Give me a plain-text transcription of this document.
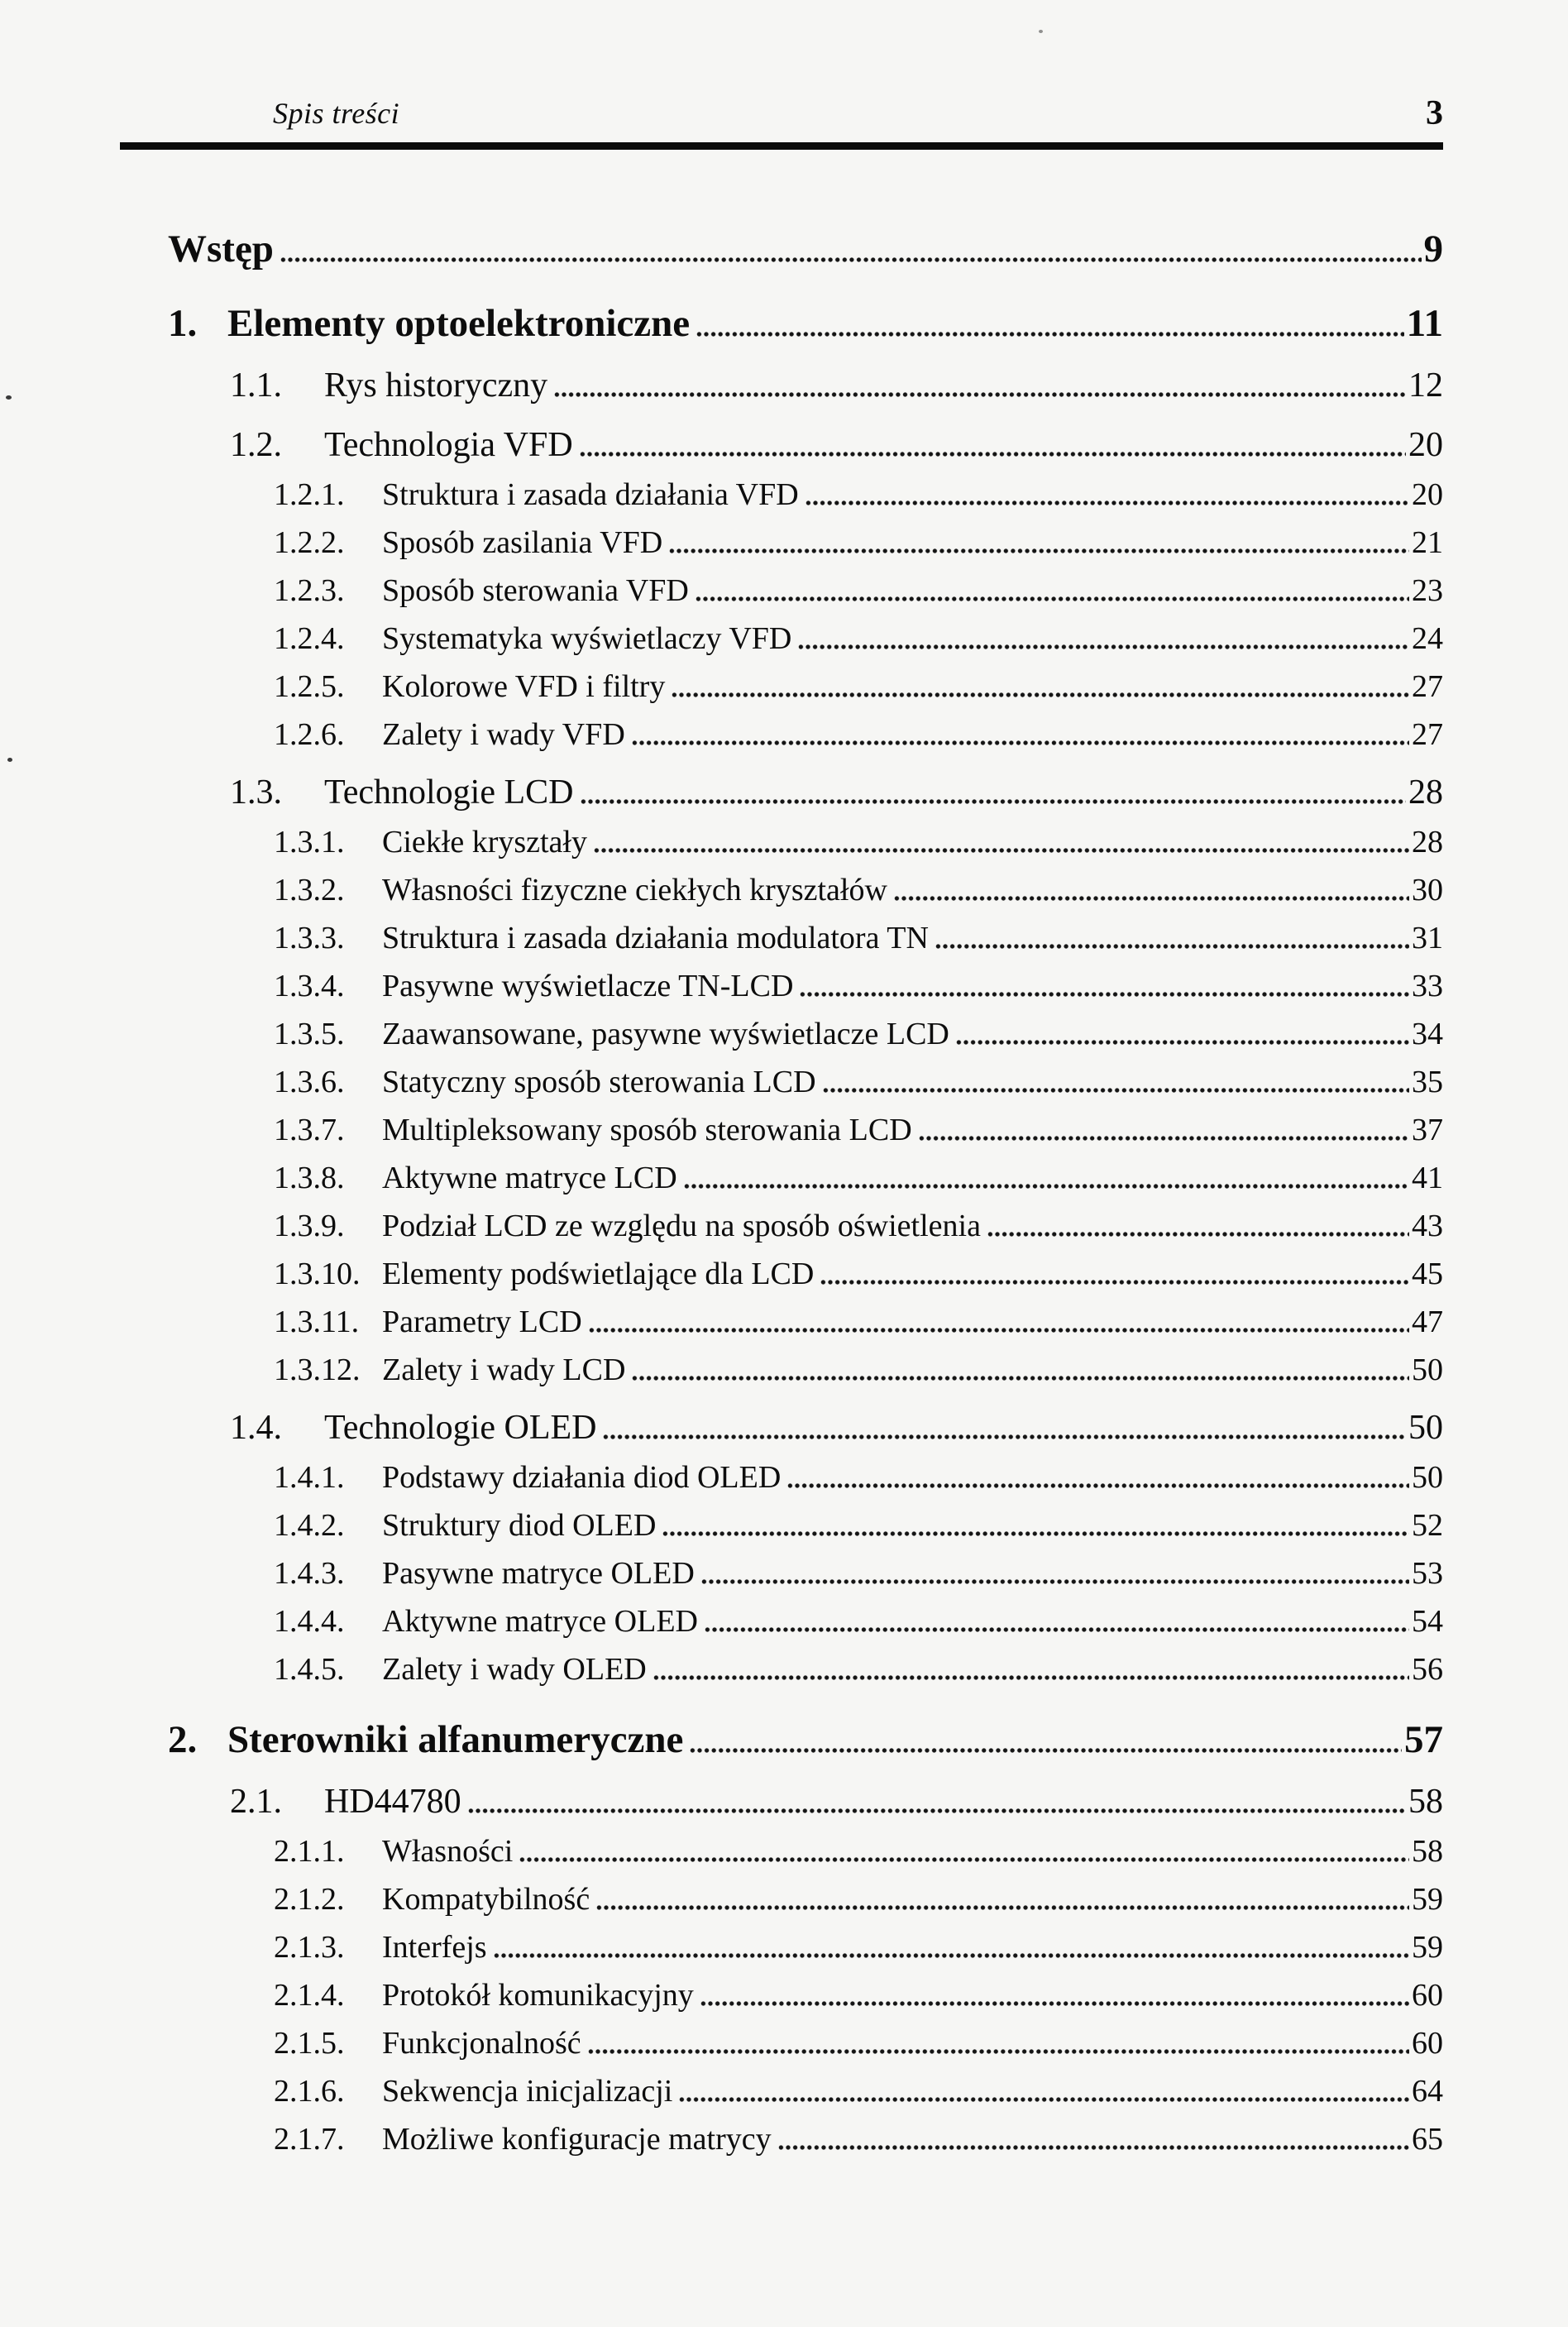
Spis treści	3
Wstęp	9
1. Elementy optoelektroniczne	11
1.1.	Rys historyczny	12
1.2.	Technologia VFD	20
1.2.1.	Struktura i zasada działania VFD	20
1.2.2.	Sposób zasilania VFD	21
1.2.3.	Sposób sterowania VFD	23
1.2.4.	Systematyka wyświetlaczy VFD	24
1.2.5.	Kolorowe VFD i filtry	27
1.2.6.	Zalety i wady VFD	27
1.3.	Technologie LCD	28
1.3.1.	Ciekłe kryształy	28
1.3.2.	Własności fizyczne ciekłych kryształów	30
1.3.3.	Struktura i zasada działania modulatora TN	31
1.3.4.	Pasywne wyświetlacze TN-LCD	33
1.3.5.	Zaawansowane, pasywne wyświetlacze LCD	34
1.3.6.	Statyczny sposób sterowania LCD	35
1.3.7.	Multipleksowany sposób sterowania LCD	37
1.3.8.	Aktywne matryce LCD	41
1.3.9.	Podział LCD ze względu na sposób oświetlenia	43
1.3.10. Elementy podświetlające dla LCD	45
1.3.11. Parametry LCD	47
1.3.12. Zalety i wady LCD	50
1.4.	Technologie OLED	50
1.4.1.	Podstawy działania diod OLED	50
1.4.2.	Struktury diod OLED	52
1.4.3.	Pasywne matryce OLED	53
1.4.4.	Aktywne matryce OLED	54
1.4.5.	Zalety i wady OLED	56
2. Sterowniki alfanumeryczne	57
2.1.	HD44780	58
2.1.1.	Własności	58
2.1.2.	Kompatybilność	59
2.1.3.	Interfejs	59
2.1.4.	Protokół komunikacyjny	60
2.1.5.	Funkcjonalność	60
2.1.6.	Sekwencja inicjalizacji	64
2.1.7.	Możliwe konfiguracje matrycy	65
